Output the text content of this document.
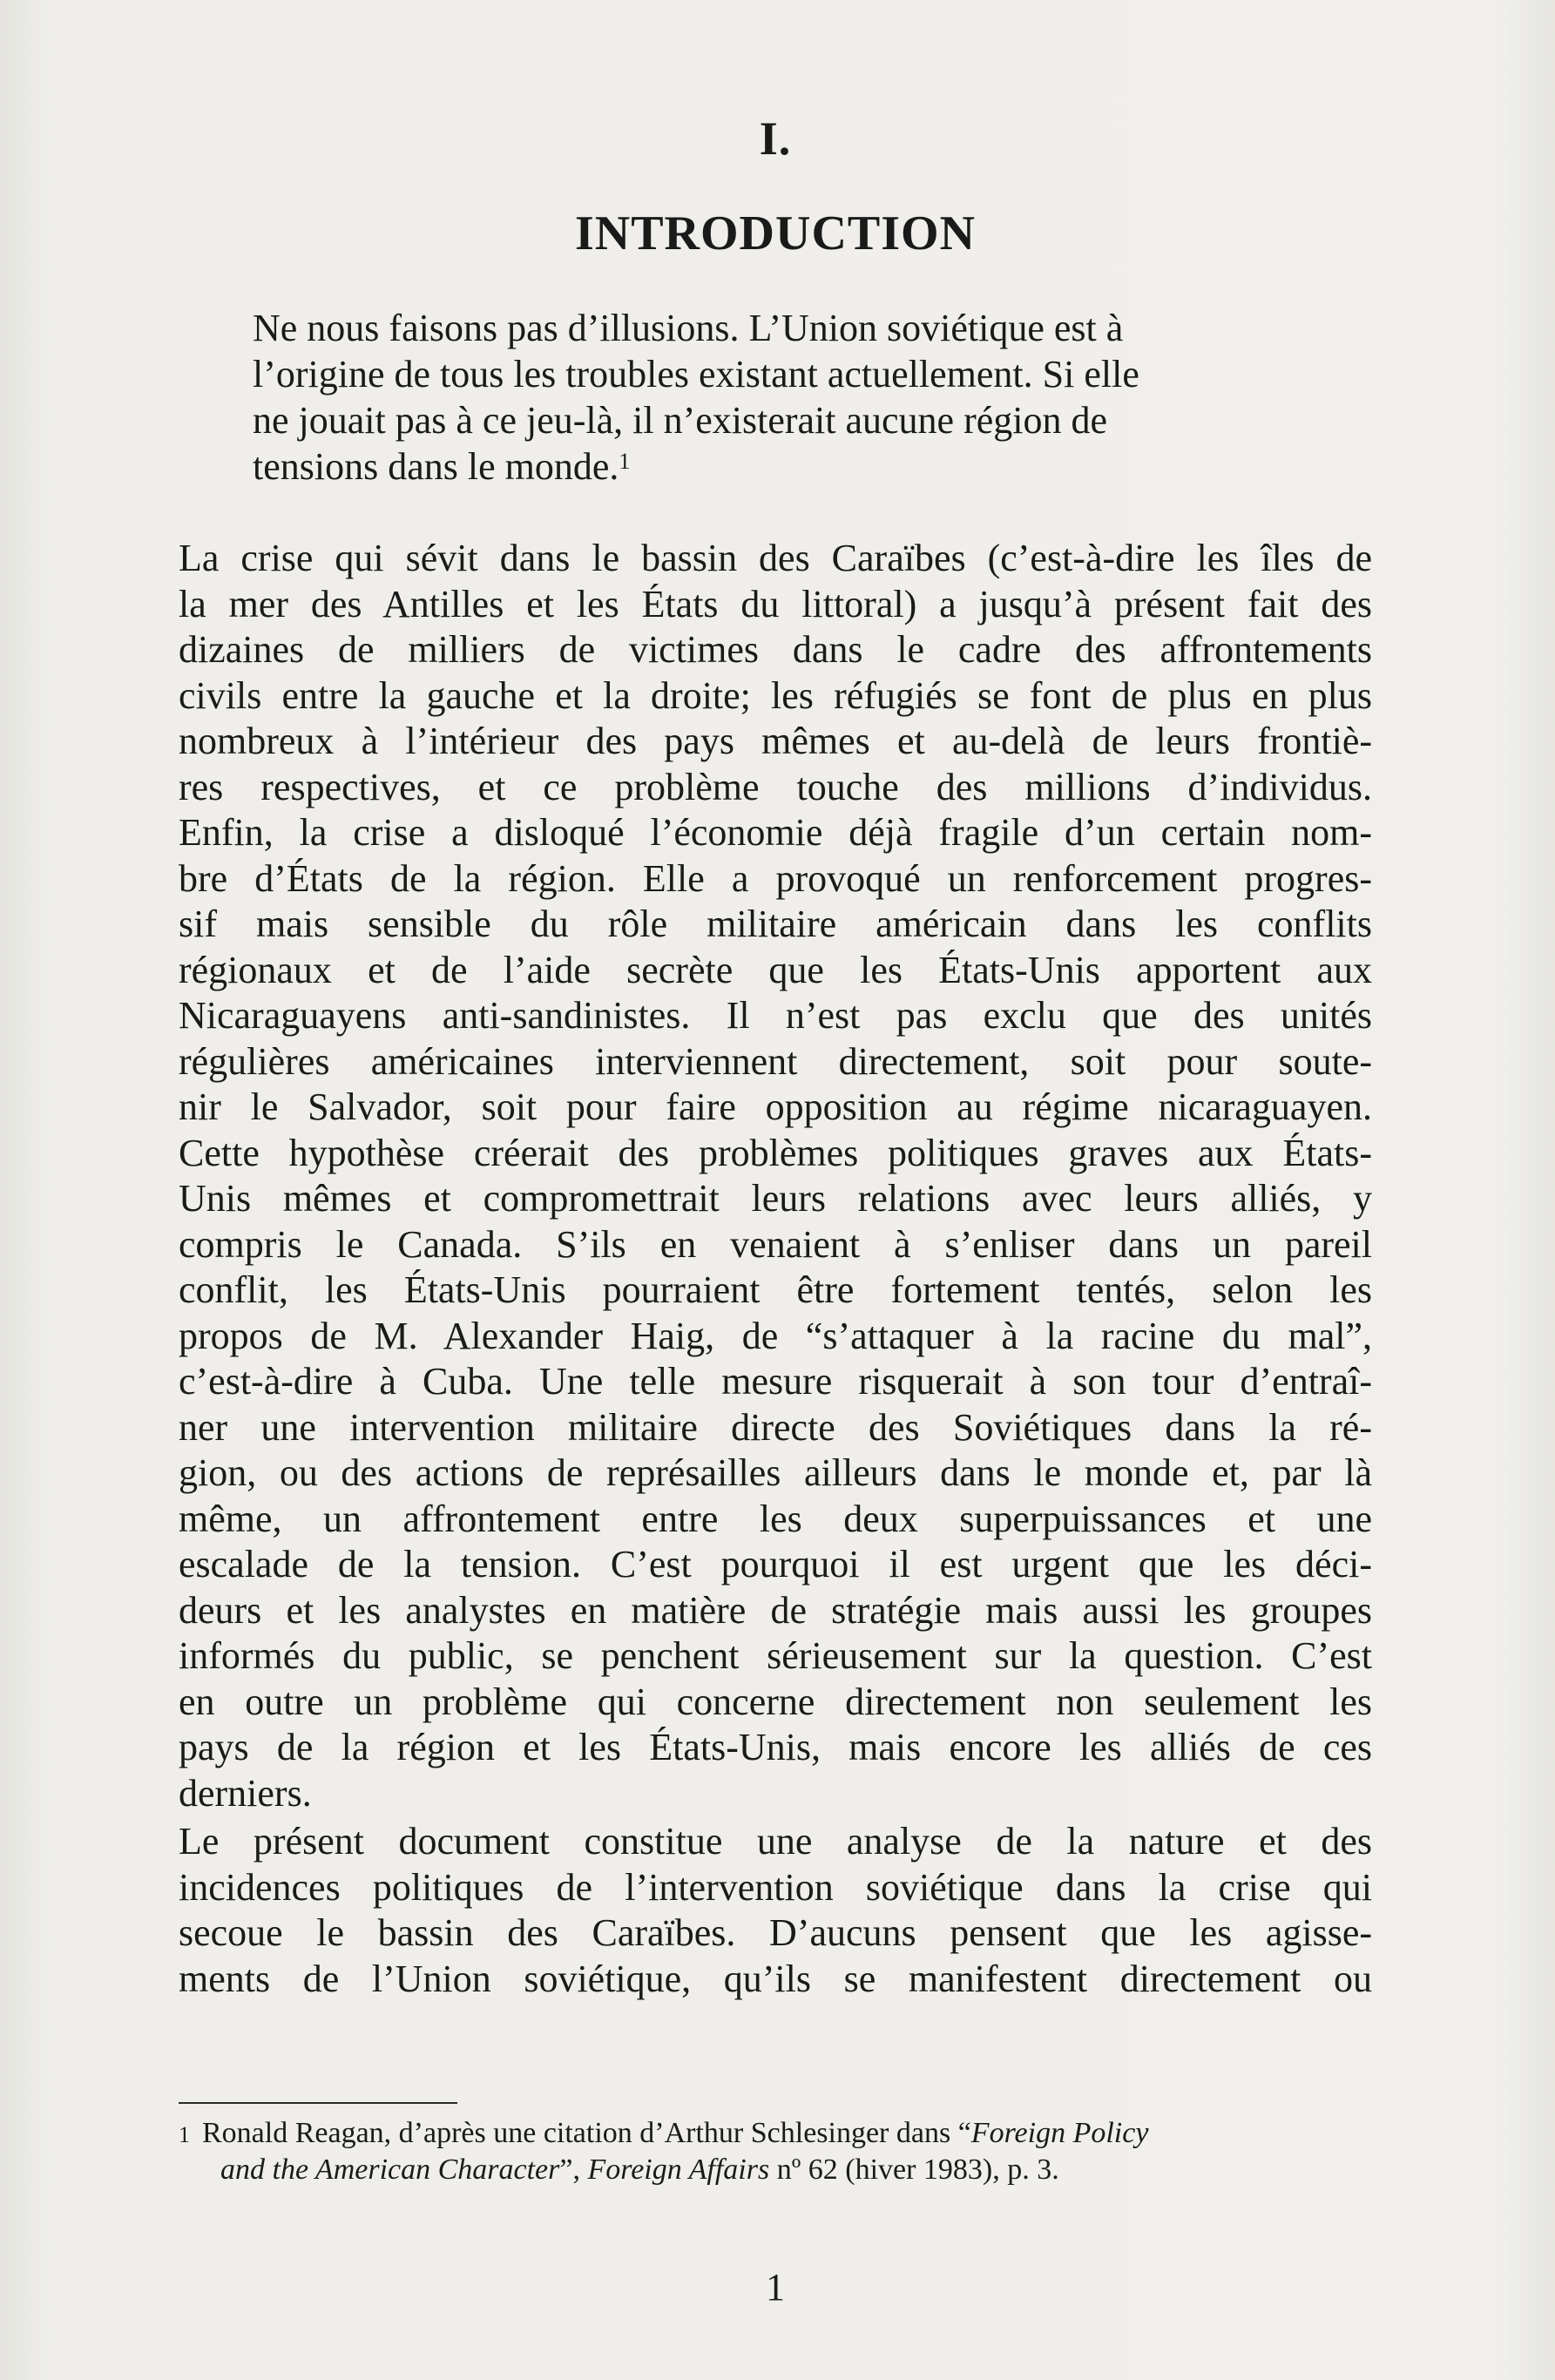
I.
INTRODUCTION
Ne nous faisons pas d’illusions. L’Union soviétique est à
l’origine de tous les troubles existant actuellement. Si elle
ne jouait pas à ce jeu-là, il n’existerait aucune région de
tensions dans le monde.$^1$
La crise qui sévit dans le bassin des Caraïbes (c’est-à-dire les îles de
la mer des Antilles et les États du littoral) a jusqu’à présent fait des
dizaines de milliers de victimes dans le cadre des affrontements
civils entre la gauche et la droite; les réfugiés se font de plus en plus
nombreux à l’intérieur des pays mêmes et au-delà de leurs frontiè-
res respectives, et ce problème touche des millions d’individus.
Enfin, la crise a disloqué l’économie déjà fragile d’un certain nom-
bre d’États de la région. Elle a provoqué un renforcement progres-
sif mais sensible du rôle militaire américain dans les conflits
régionaux et de l’aide secrète que les États-Unis apportent aux
Nicaraguayens anti-sandinistes. Il n’est pas exclu que des unités
régulières américaines interviennent directement, soit pour soute-
nir le Salvador, soit pour faire opposition au régime nicaraguayen.
Cette hypothèse créerait des problèmes politiques graves aux États-
Unis mêmes et compromettrait leurs relations avec leurs alliés, y
compris le Canada. S’ils en venaient à s’enliser dans un pareil
conflit, les États-Unis pourraient être fortement tentés, selon les
propos de M. Alexander Haig, de “s’attaquer à la racine du mal”,
c’est-à-dire à Cuba. Une telle mesure risquerait à son tour d’entraî-
ner une intervention militaire directe des Soviétiques dans la ré-
gion, ou des actions de représailles ailleurs dans le monde et, par là
même, un affrontement entre les deux superpuissances et une
escalade de la tension. C’est pourquoi il est urgent que les déci-
deurs et les analystes en matière de stratégie mais aussi les groupes
informés du public, se penchent sérieusement sur la question. C’est
en outre un problème qui concerne directement non seulement les
pays de la région et les États-Unis, mais encore les alliés de ces
derniers.
Le présent document constitue une analyse de la nature et des
incidences politiques de l’intervention soviétique dans la crise qui
secoue le bassin des Caraïbes. D’aucuns pensent que les agisse-
ments de l’Union soviétique, qu’ils se manifestent directement ou
$^1$ Ronald Reagan, d’après une citation d’Arthur Schlesinger dans “Foreign Policy
and the American Character”, Foreign Affairs nº 62 (hiver 1983), p. 3.
1
